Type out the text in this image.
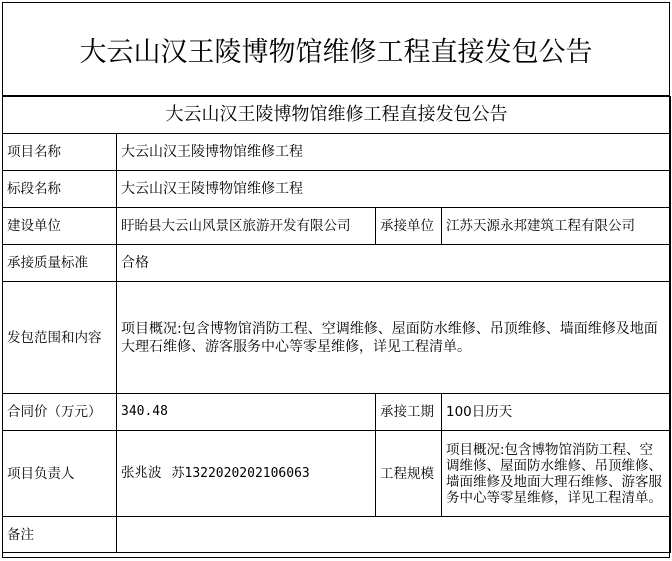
大云山汉王陵博物馆维修工程直接发包公告
大云山汉王陵博物馆维修工程直接发包公告			
项目名称	大云山汉王陵博物馆维修工程		
标段名称	大云山汉王陵博物馆维修工程		
建设单位	盱眙县大云山风景区旅游开发有限公司	承接单位	江苏天源永邦建筑工程有限公司
承接质量标准	合格		
发包范围和内容	项目概况:包含博物馆消防工程、空调维修、屋面防水维修、吊顶维修、墙面维修及地面大理石维修、游客服务中心等零星维修，详见工程清单。		
合同价（万元）	340.48	承接工期	100日历天
项目负责人	张兆波 苏1322020202106063	工程规模	项目概况:包含博物馆消防工程、空调维修、屋面防水维修、吊顶维修、墙面维修及地面大理石维修、游客服务中心等零星维修，详见工程清单。
备注			
